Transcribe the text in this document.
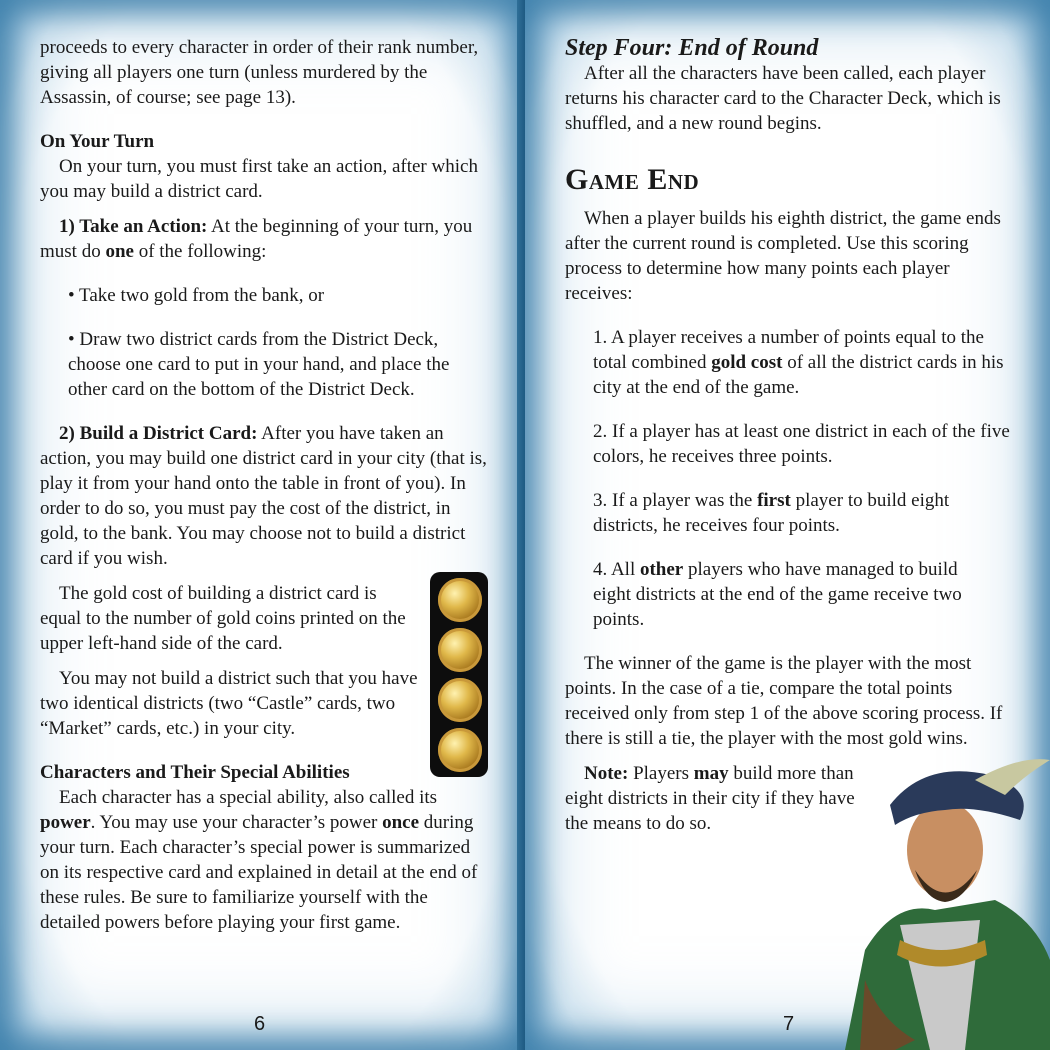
proceeds to every character in order of their rank number, giving all players one turn (unless murdered by the Assassin, of course; see page 13).

On Your Turn

On your turn, you must first take an action, after which you may build a district card.

1) Take an Action: At the beginning of your turn, you must do one of the following:

• Take two gold from the bank, or

• Draw two district cards from the District Deck, choose one card to put in your hand, and place the other card on the bottom of the District Deck.

2) Build a District Card: After you have taken an action, you may build one district card in your city (that is, play it from your hand onto the table in front of you). In order to do so, you must pay the cost of the district, in gold, to the bank. You may choose not to build a district card if you wish.

The gold cost of building a district card is equal to the number of gold coins printed on the upper left-hand side of the card.

You may not build a district such that you have two identical districts (two “Castle” cards, two “Market” cards, etc.) in your city.

Characters and Their Special Abilities

Each character has a special ability, also called its power. You may use your character’s power once during your turn. Each character’s special power is summarized on its respective card and explained in detail at the end of these rules. Be sure to familiarize yourself with the detailed powers before playing your first game.

6

Step Four: End of Round

After all the characters have been called, each player returns his character card to the Character Deck, which is shuffled, and a new round begins.

Game End

When a player builds his eighth district, the game ends after the current round is completed. Use this scoring process to determine how many points each player receives:

1. A player receives a number of points equal to the total combined gold cost of all the district cards in his city at the end of the game.

2. If a player has at least one district in each of the five colors, he receives three points.

3. If a player was the first player to build eight districts, he receives four points.

4. All other players who have managed to build eight districts at the end of the game receive two points.

The winner of the game is the player with the most points. In the case of a tie, compare the total points received only from step 1 of the above scoring process. If there is still a tie, the player with the most gold wins.

Note: Players may build more than eight districts in their city if they have the means to do so.

7
